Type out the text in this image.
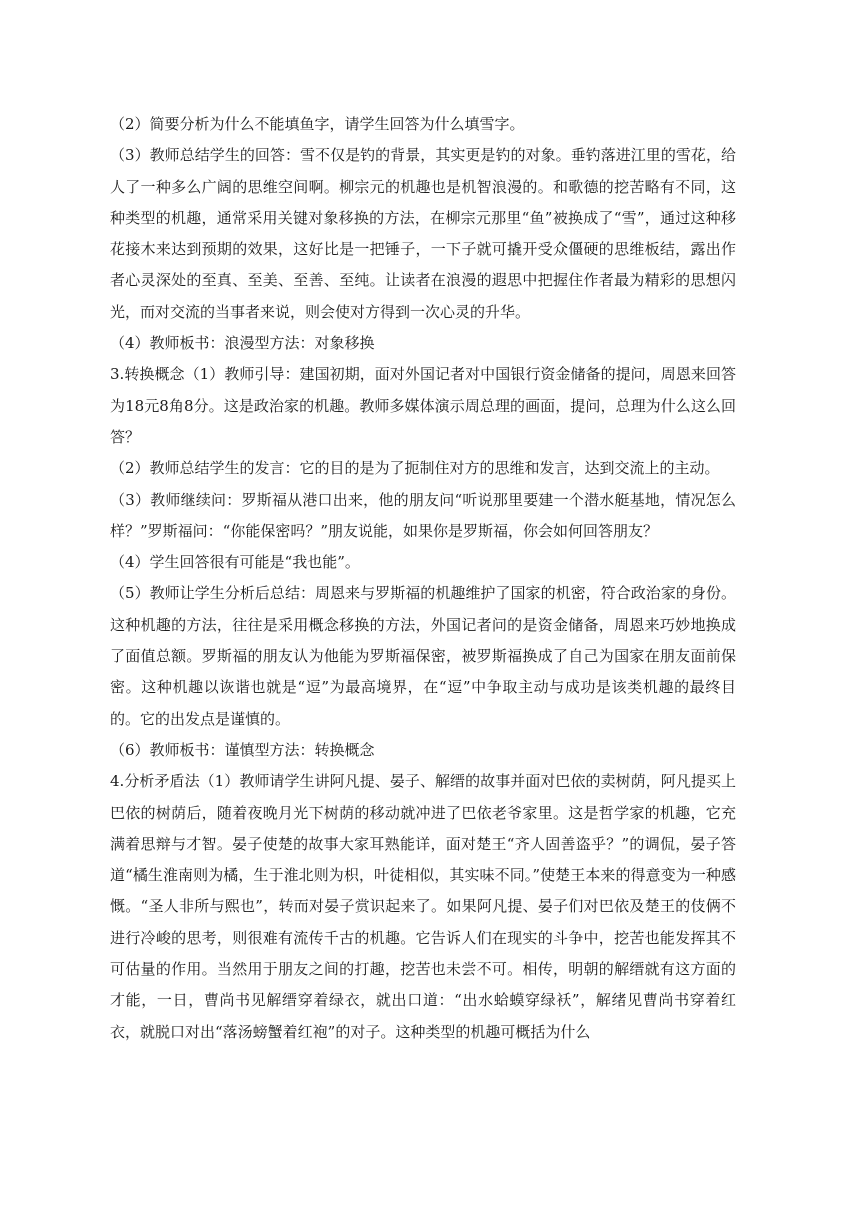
（2）简要分析为什么不能填鱼字，请学生回答为什么填雪字。

（3）教师总结学生的回答：雪不仅是钓的背景，其实更是钓的对象。垂钓落进江里的雪花，给人了一种多么广阔的思维空间啊。柳宗元的机趣也是机智浪漫的。和歌德的挖苦略有不同，这种类型的机趣，通常采用关键对象移换的方法，在柳宗元那里“鱼”被换成了“雪”，通过这种移花接木来达到预期的效果，这好比是一把锤子，一下子就可撬开受众僵硬的思维板结，露出作者心灵深处的至真、至美、至善、至纯。让读者在浪漫的遐思中把握住作者最为精彩的思想闪光，而对交流的当事者来说，则会使对方得到一次心灵的升华。

（4）教师板书：浪漫型方法：对象移换

3.转换概念（1）教师引导：建国初期，面对外国记者对中国银行资金储备的提问，周恩来回答为18元8角8分。这是政治家的机趣。教师多媒体演示周总理的画面，提问，总理为什么这么回答？

（2）教师总结学生的发言：它的目的是为了扼制住对方的思维和发言，达到交流上的主动。

（3）教师继续问：罗斯福从港口出来，他的朋友问“听说那里要建一个潜水艇基地，情况怎么样？”罗斯福问：“你能保密吗？”朋友说能，如果你是罗斯福，你会如何回答朋友？

（4）学生回答很有可能是“我也能”。

（5）教师让学生分析后总结：周恩来与罗斯福的机趣维护了国家的机密，符合政治家的身份。这种机趣的方法，往往是采用概念移换的方法，外国记者问的是资金储备，周恩来巧妙地换成了面值总额。罗斯福的朋友认为他能为罗斯福保密，被罗斯福换成了自己为国家在朋友面前保密。这种机趣以诙谐也就是“逗”为最高境界，在“逗”中争取主动与成功是该类机趣的最终目的。它的出发点是谨慎的。

（6）教师板书：谨慎型方法：转换概念

4.分析矛盾法（1）教师请学生讲阿凡提、晏子、解缙的故事并面对巴依的卖树荫，阿凡提买上巴依的树荫后，随着夜晚月光下树荫的移动就冲进了巴依老爷家里。这是哲学家的机趣，它充满着思辩与才智。晏子使楚的故事大家耳熟能详，面对楚王“齐人固善盗乎？”的调侃，晏子答道“橘生淮南则为橘，生于淮北则为枳，叶徒相似，其实味不同。”使楚王本来的得意变为一种感慨。“圣人非所与熙也”，转而对晏子赏识起来了。如果阿凡提、晏子们对巴依及楚王的伎俩不进行冷峻的思考，则很难有流传千古的机趣。它告诉人们在现实的斗争中，挖苦也能发挥其不可估量的作用。当然用于朋友之间的打趣，挖苦也未尝不可。相传，明朝的解缙就有这方面的才能，一日，曹尚书见解缙穿着绿衣，就出口道：“出水蛤蟆穿绿袄”，解绪见曹尚书穿着红衣，就脱口对出“落汤螃蟹着红袍”的对子。这种类型的机趣可概括为什么
